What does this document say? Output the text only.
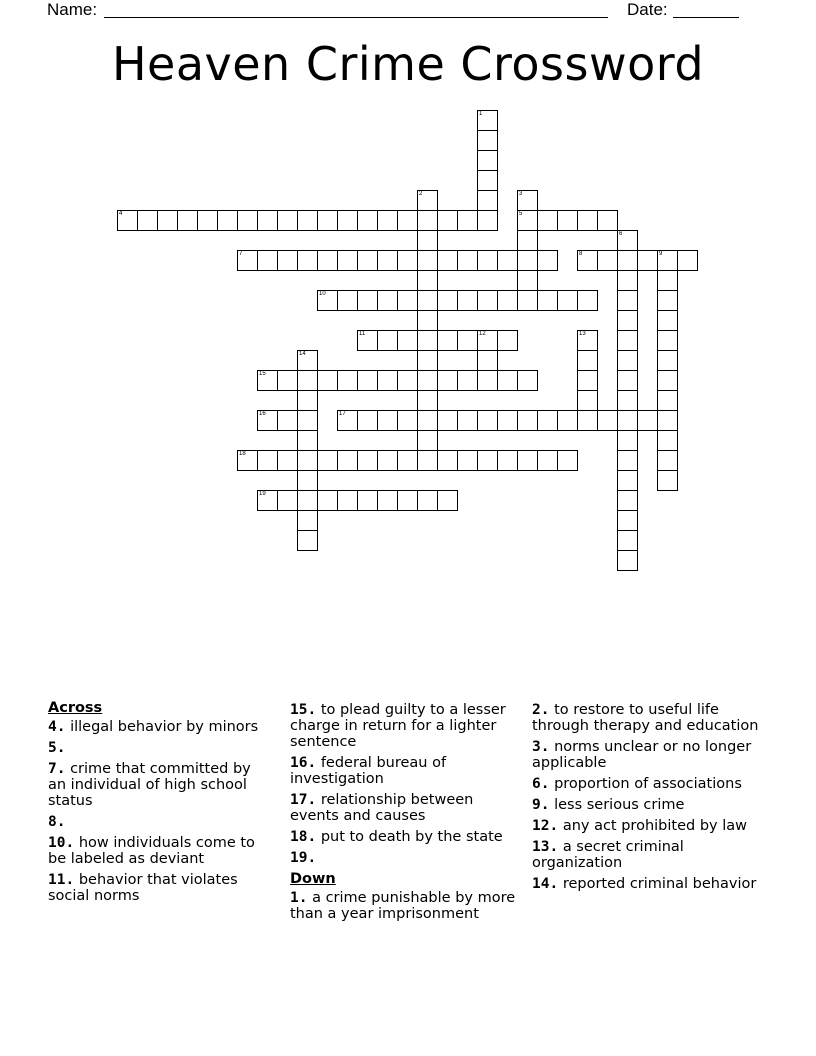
Name:	Date:
Heaven Crime Crossword
1
2	3
5
4
6
7	8	9
10
11	12	13
14
15
16	17
18
19
Across
4. illegal behavior by minors
5.
7. crime that committed by an individual of high school status
8.
10. how individuals come to be labeled as deviant
11. behavior that violates social norms
15. to plead guilty to a lesser charge in return for a lighter sentence
16. federal bureau of investigation
17. relationship between events and causes
18. put to death by the state
19.
Down
1. a crime punishable by more than a year imprisonment
2. to restore to useful life through therapy and education
3. norms unclear or no longer applicable
6. proportion of associations
9. less serious crime
12. any act prohibited by law
13. a secret criminal organization
14. reported criminal behavior
